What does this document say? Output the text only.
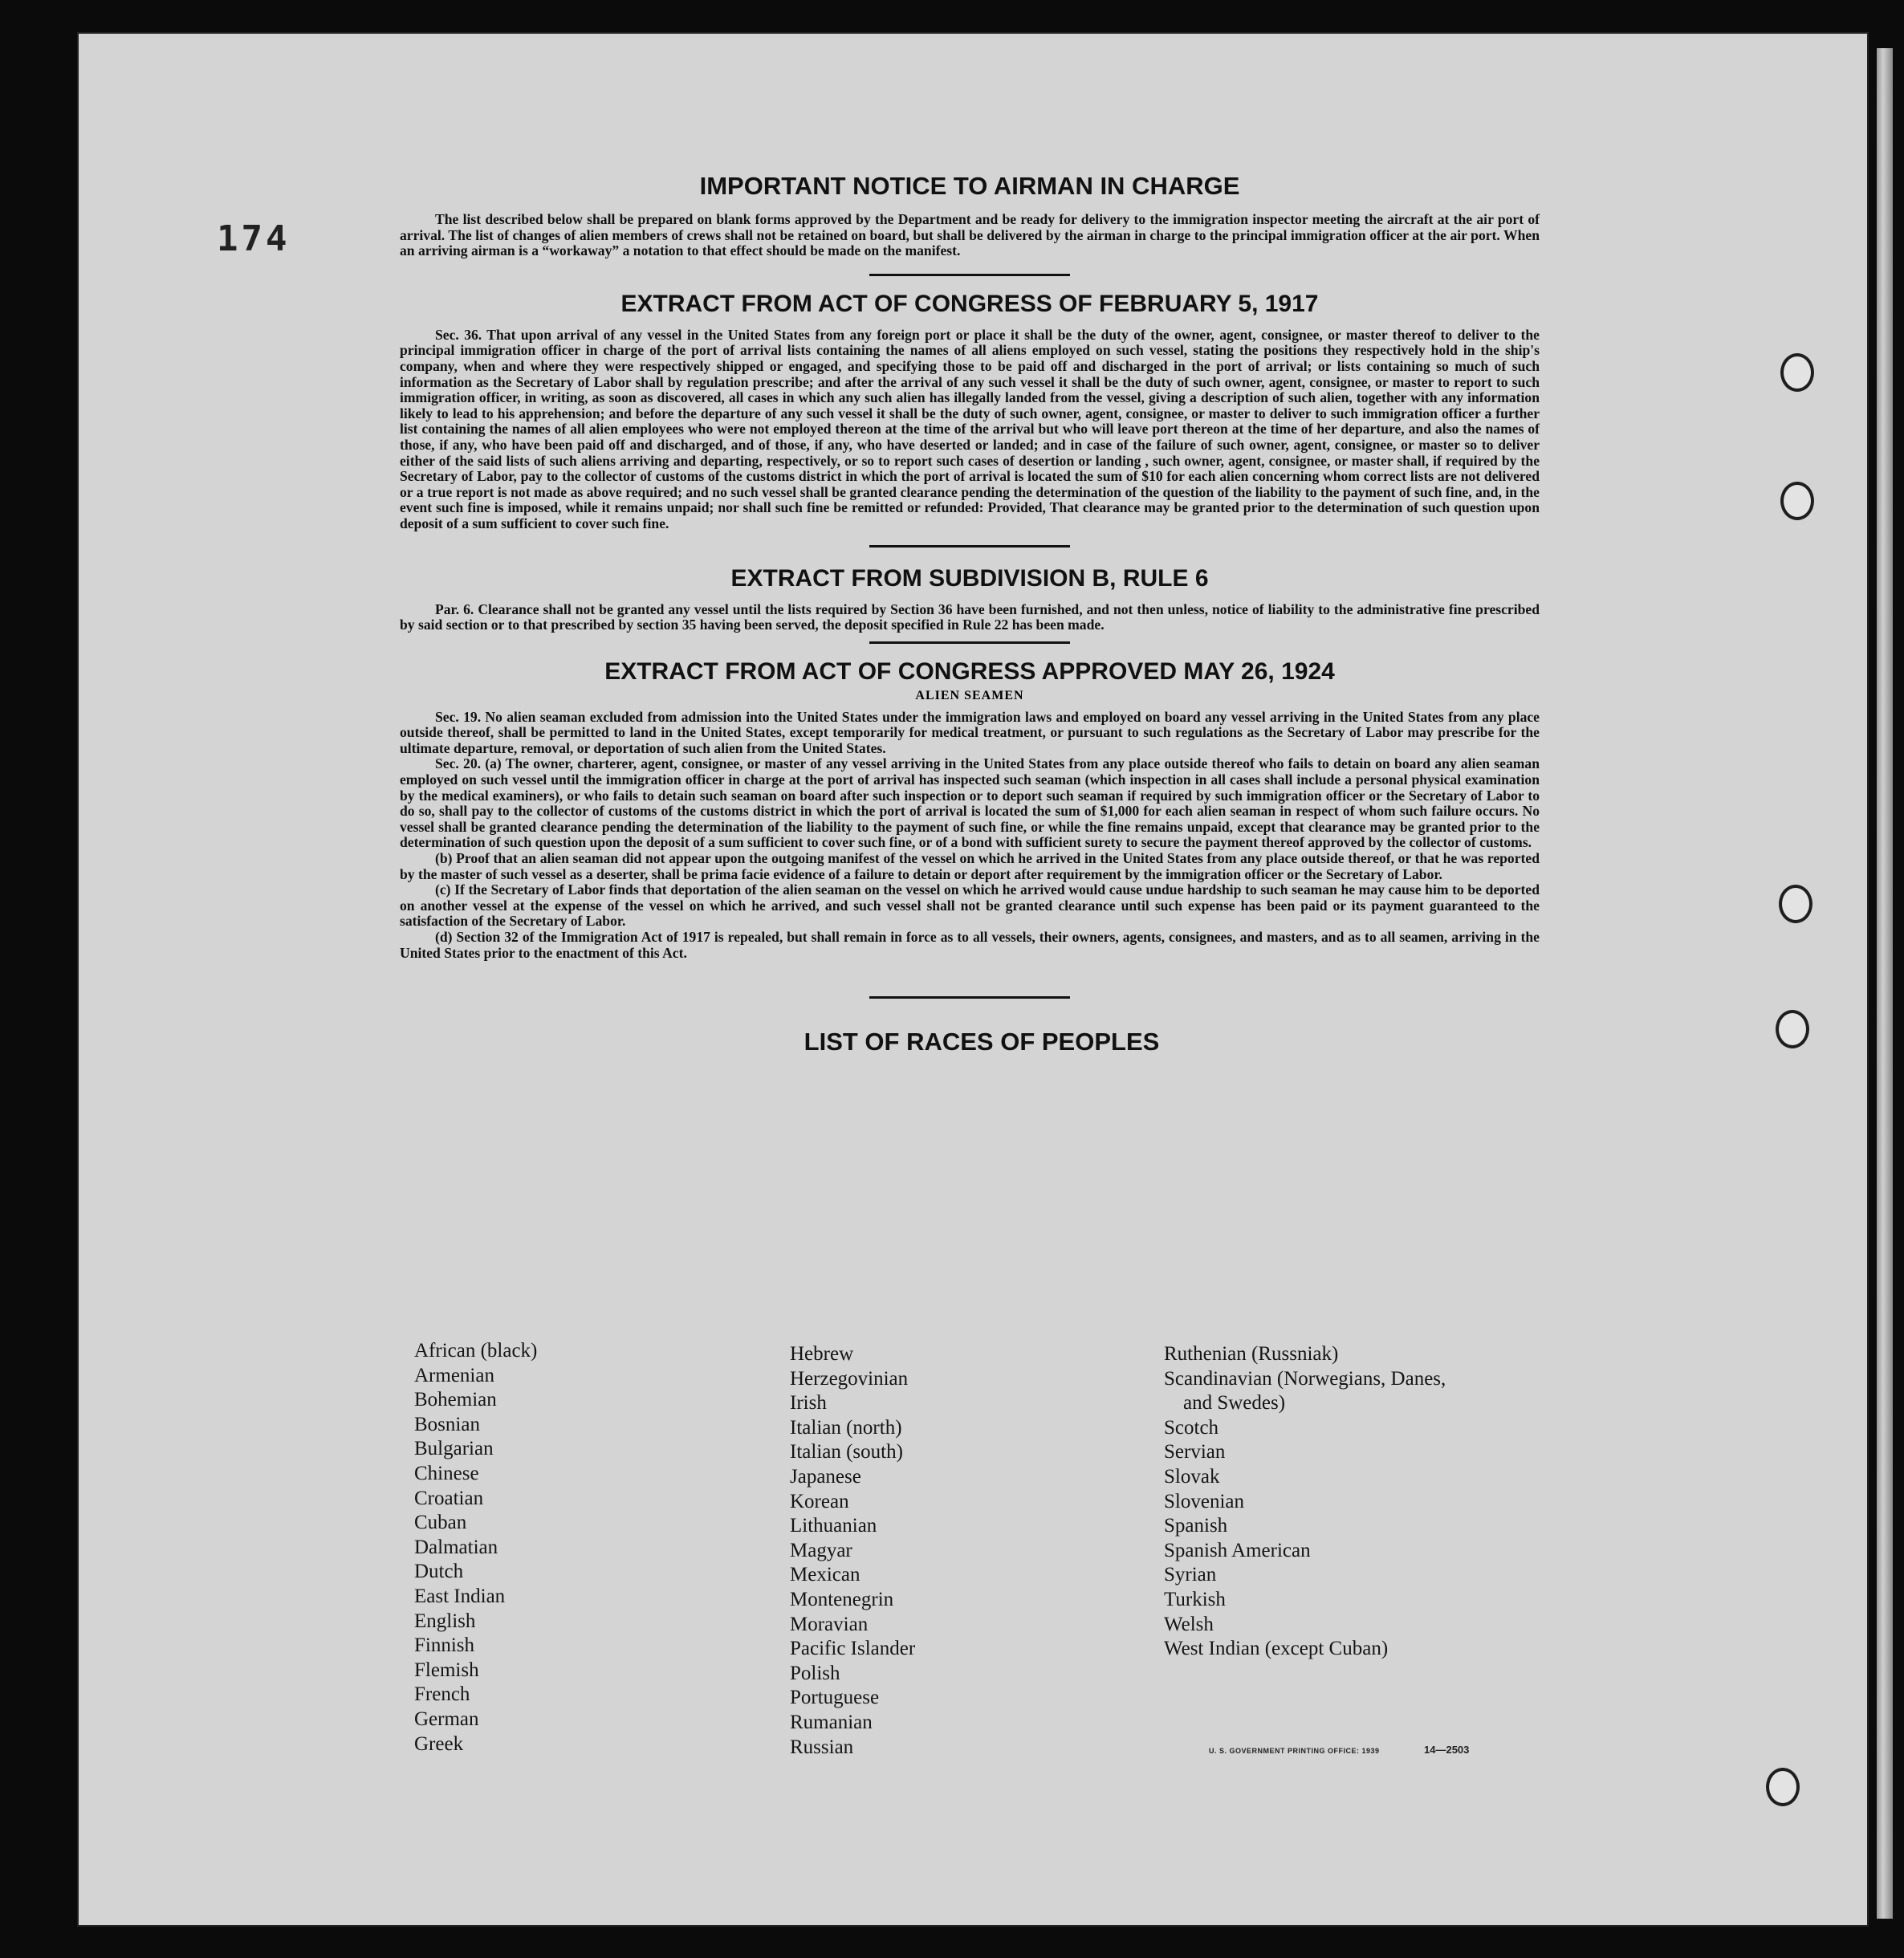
174
IMPORTANT NOTICE TO AIRMAN IN CHARGE

The list described below shall be prepared on blank forms approved by the Department and be ready for delivery to the immigration inspector meeting the aircraft at the air port of arrival. The list of changes of alien members of crews shall not be retained on board, but shall be delivered by the airman in charge to the principal immigration officer at the air port. When an arriving airman is a “workaway” a notation to that effect should be made on the manifest.

EXTRACT FROM ACT OF CONGRESS OF FEBRUARY 5, 1917

Sec. 36. That upon arrival of any vessel in the United States from any foreign port or place it shall be the duty of the owner, agent, consignee, or master thereof to deliver to the principal immigration officer in charge of the port of arrival lists containing the names of all aliens employed on such vessel, stating the positions they respectively hold in the ship's company, when and where they were respectively shipped or engaged, and specifying those to be paid off and discharged in the port of arrival; or lists containing so much of such information as the Secretary of Labor shall by regulation prescribe; and after the arrival of any such vessel it shall be the duty of such owner, agent, consignee, or master to report to such immigration officer, in writing, as soon as discovered, all cases in which any such alien has illegally landed from the vessel, giving a description of such alien, together with any information likely to lead to his apprehension; and before the departure of any such vessel it shall be the duty of such owner, agent, consignee, or master to deliver to such immigration officer a further list containing the names of all alien employees who were not employed thereon at the time of the arrival but who will leave port thereon at the time of her departure, and also the names of those, if any, who have been paid off and discharged, and of those, if any, who have deserted or landed; and in case of the failure of such owner, agent, consignee, or master so to deliver either of the said lists of such aliens arriving and departing, respectively, or so to report such cases of desertion or landing , such owner, agent, consignee, or master shall, if required by the Secretary of Labor, pay to the collector of customs of the customs district in which the port of arrival is located the sum of $10 for each alien concerning whom correct lists are not delivered or a true report is not made as above required; and no such vessel shall be granted clearance pending the determination of the question of the liability to the payment of such fine, and, in the event such fine is imposed, while it remains unpaid; nor shall such fine be remitted or refunded: Provided, That clearance may be granted prior to the determination of such question upon deposit of a sum sufficient to cover such fine.

EXTRACT FROM SUBDIVISION B, RULE 6

Par. 6. Clearance shall not be granted any vessel until the lists required by Section 36 have been furnished, and not then unless, notice of liability to the administrative fine prescribed by said section or to that prescribed by section 35 having been served, the deposit specified in Rule 22 has been made.

EXTRACT FROM ACT OF CONGRESS APPROVED MAY 26, 1924
ALIEN SEAMEN

Sec. 19. No alien seaman excluded from admission into the United States under the immigration laws and employed on board any vessel arriving in the United States from any place outside thereof, shall be permitted to land in the United States, except temporarily for medical treatment, or pursuant to such regulations as the Secretary of Labor may prescribe for the ultimate departure, removal, or deportation of such alien from the United States.

Sec. 20. (a) The owner, charterer, agent, consignee, or master of any vessel arriving in the United States from any place outside thereof who fails to detain on board any alien seaman employed on such vessel until the immigration officer in charge at the port of arrival has inspected such seaman (which inspection in all cases shall include a personal physical examination by the medical examiners), or who fails to detain such seaman on board after such inspection or to deport such seaman if required by such immigration officer or the Secretary of Labor to do so, shall pay to the collector of customs of the customs district in which the port of arrival is located the sum of $1,000 for each alien seaman in respect of whom such failure occurs. No vessel shall be granted clearance pending the determination of the liability to the payment of such fine, or while the fine remains unpaid, except that clearance may be granted prior to the determination of such question upon the deposit of a sum sufficient to cover such fine, or of a bond with sufficient surety to secure the payment thereof approved by the collector of customs.

(b) Proof that an alien seaman did not appear upon the outgoing manifest of the vessel on which he arrived in the United States from any place outside thereof, or that he was reported by the master of such vessel as a deserter, shall be prima facie evidence of a failure to detain or deport after requirement by the immigration officer or the Secretary of Labor.

(c) If the Secretary of Labor finds that deportation of the alien seaman on the vessel on which he arrived would cause undue hardship to such seaman he may cause him to be deported on another vessel at the expense of the vessel on which he arrived, and such vessel shall not be granted clearance until such expense has been paid or its payment guaranteed to the satisfaction of the Secretary of Labor.

(d) Section 32 of the Immigration Act of 1917 is repealed, but shall remain in force as to all vessels, their owners, agents, consignees, and masters, and as to all seamen, arriving in the United States prior to the enactment of this Act.

LIST OF RACES OF PEOPLES
African (black)
Armenian
Bohemian
Bosnian
Bulgarian
Chinese
Croatian
Cuban
Dalmatian
Dutch
East Indian
English
Finnish
Flemish
French
German
Greek
Hebrew
Herzegovinian
Irish
Italian (north)
Italian (south)
Japanese
Korean
Lithuanian
Magyar
Mexican
Montenegrin
Moravian
Pacific Islander
Polish
Portuguese
Rumanian
Russian
Ruthenian (Russniak)
Scandinavian (Norwegians, Danes,
and Swedes)
Scotch
Servian
Slovak
Slovenian
Spanish
Spanish American
Syrian
Turkish
Welsh
West Indian (except Cuban)
U. S. GOVERNMENT PRINTING OFFICE: 1939	14—2503
